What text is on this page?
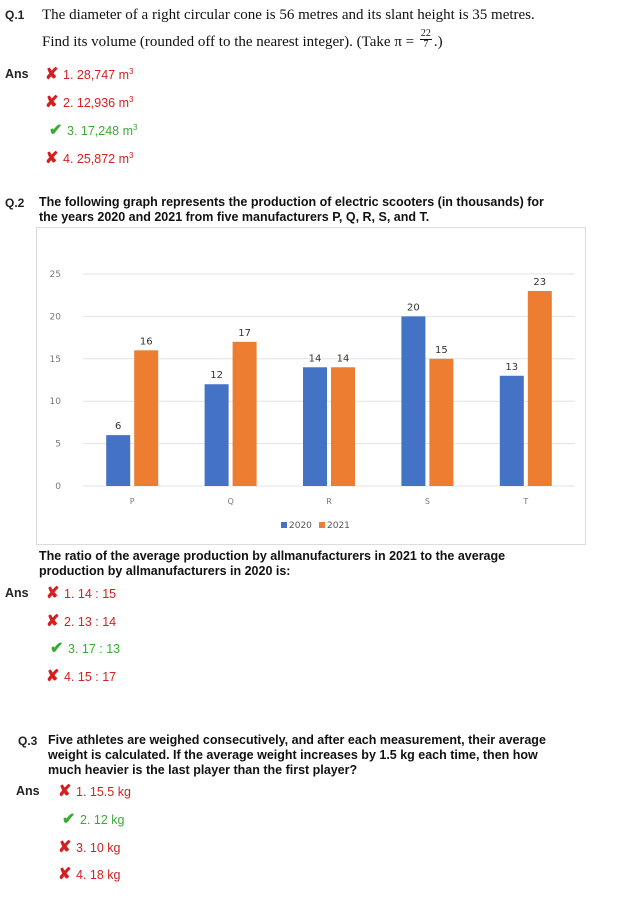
Q.1 The diameter of a right circular cone is 56 metres and its slant height is 35 metres.
Find its volume (rounded off to the nearest integer). (Take $\pi = \frac{22}{7}$ .)
Ans ✘ 1. 28,747 $m^3$
✘ 2. 12,936 $m^3$
✔ 3. 17,248 $m^3$
✘ 4. 25,872 $m^3$
Q.2 The following graph represents the production of electric scooters (in thousands) for
the years 2020 and 2021 from five manufacturers P, Q, R, S, and T.
0
5
10
15
20
25
6
16
P
12
17
Q
14 14
R
20
15
S
13
23
T
2020 2021
The ratio of the average production by allmanufacturers in 2021 to the average
production by allmanufacturers in 2020 is:
Ans ✘ 1. 14 : 15
✘ 2. 13 : 14
✔ 3. 17 : 13
✘ 4. 15 : 17
Q.3 Five athletes are weighed consecutively, and after each measurement, their average
weight is calculated. If the average weight increases by 1.5 kg each time, then how
much heavier is the last player than the first player?
Ans ✘ 1. 15.5 kg
✔ 2. 12 kg
✘ 3. 10 kg
✘ 4. 18 kg
